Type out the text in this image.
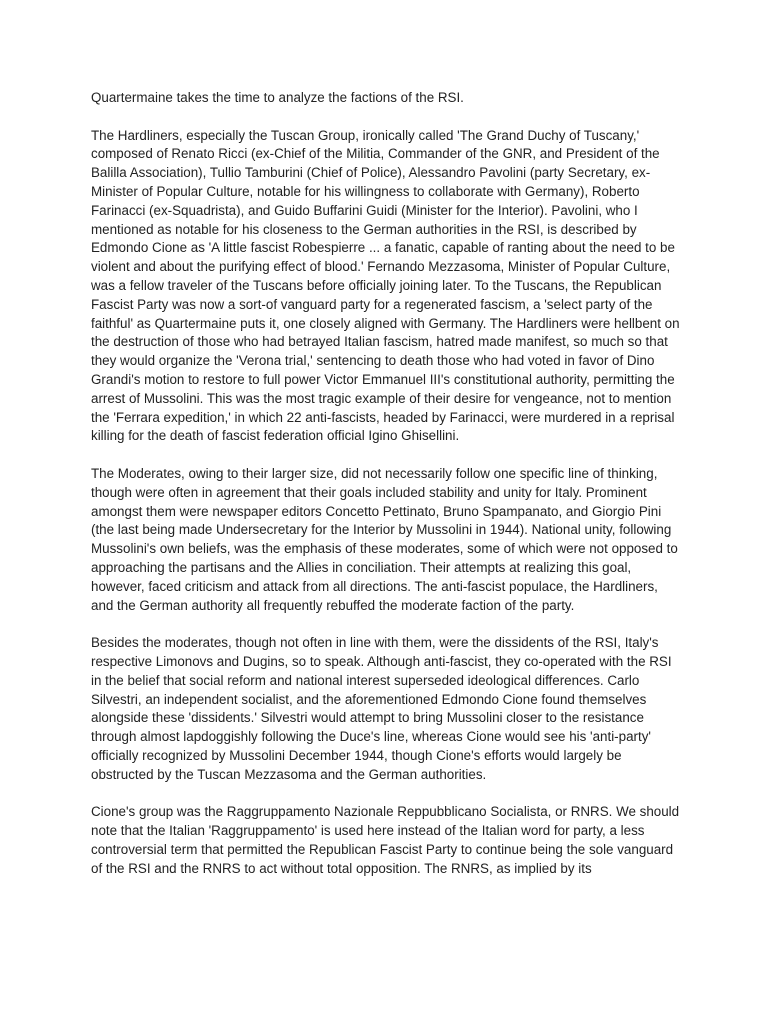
Quartermaine takes the time to analyze the factions of the RSI.

The Hardliners, especially the Tuscan Group, ironically called 'The Grand Duchy of Tuscany,' composed of Renato Ricci (ex-Chief of the Militia, Commander of the GNR, and President of the Balilla Association), Tullio Tamburini (Chief of Police), Alessandro Pavolini (party Secretary, ex-Minister of Popular Culture, notable for his willingness to collaborate with Germany), Roberto Farinacci (ex-Squadrista), and Guido Buffarini Guidi (Minister for the Interior). Pavolini, who I mentioned as notable for his closeness to the German authorities in the RSI, is described by Edmondo Cione as 'A little fascist Robespierre ... a fanatic, capable of ranting about the need to be violent and about the purifying effect of blood.' Fernando Mezzasoma, Minister of Popular Culture, was a fellow traveler of the Tuscans before officially joining later. To the Tuscans, the Republican Fascist Party was now a sort-of vanguard party for a regenerated fascism, a 'select party of the faithful' as Quartermaine puts it, one closely aligned with Germany. The Hardliners were hellbent on the destruction of those who had betrayed Italian fascism, hatred made manifest, so much so that they would organize the 'Verona trial,' sentencing to death those who had voted in favor of Dino Grandi's motion to restore to full power Victor Emmanuel III's constitutional authority, permitting the arrest of Mussolini. This was the most tragic example of their desire for vengeance, not to mention the 'Ferrara expedition,' in which 22 anti-fascists, headed by Farinacci, were murdered in a reprisal killing for the death of fascist federation official Igino Ghisellini.

The Moderates, owing to their larger size, did not necessarily follow one specific line of thinking, though were often in agreement that their goals included stability and unity for Italy. Prominent amongst them were newspaper editors Concetto Pettinato, Bruno Spampanato, and Giorgio Pini (the last being made Undersecretary for the Interior by Mussolini in 1944). National unity, following Mussolini's own beliefs, was the emphasis of these moderates, some of which were not opposed to approaching the partisans and the Allies in conciliation. Their attempts at realizing this goal, however, faced criticism and attack from all directions. The anti-fascist populace, the Hardliners, and the German authority all frequently rebuffed the moderate faction of the party.

Besides the moderates, though not often in line with them, were the dissidents of the RSI, Italy's respective Limonovs and Dugins, so to speak. Although anti-fascist, they co-operated with the RSI in the belief that social reform and national interest superseded ideological differences. Carlo Silvestri, an independent socialist, and the aforementioned Edmondo Cione found themselves alongside these 'dissidents.' Silvestri would attempt to bring Mussolini closer to the resistance through almost lapdoggishly following the Duce's line, whereas Cione would see his 'anti-party' officially recognized by Mussolini December 1944, though Cione's efforts would largely be obstructed by the Tuscan Mezzasoma and the German authorities.

Cione's group was the Raggruppamento Nazionale Reppubblicano Socialista, or RNRS. We should note that the Italian 'Raggruppamento' is used here instead of the Italian word for party, a less controversial term that permitted the Republican Fascist Party to continue being the sole vanguard of the RSI and the RNRS to act without total opposition. The RNRS, as implied by its
